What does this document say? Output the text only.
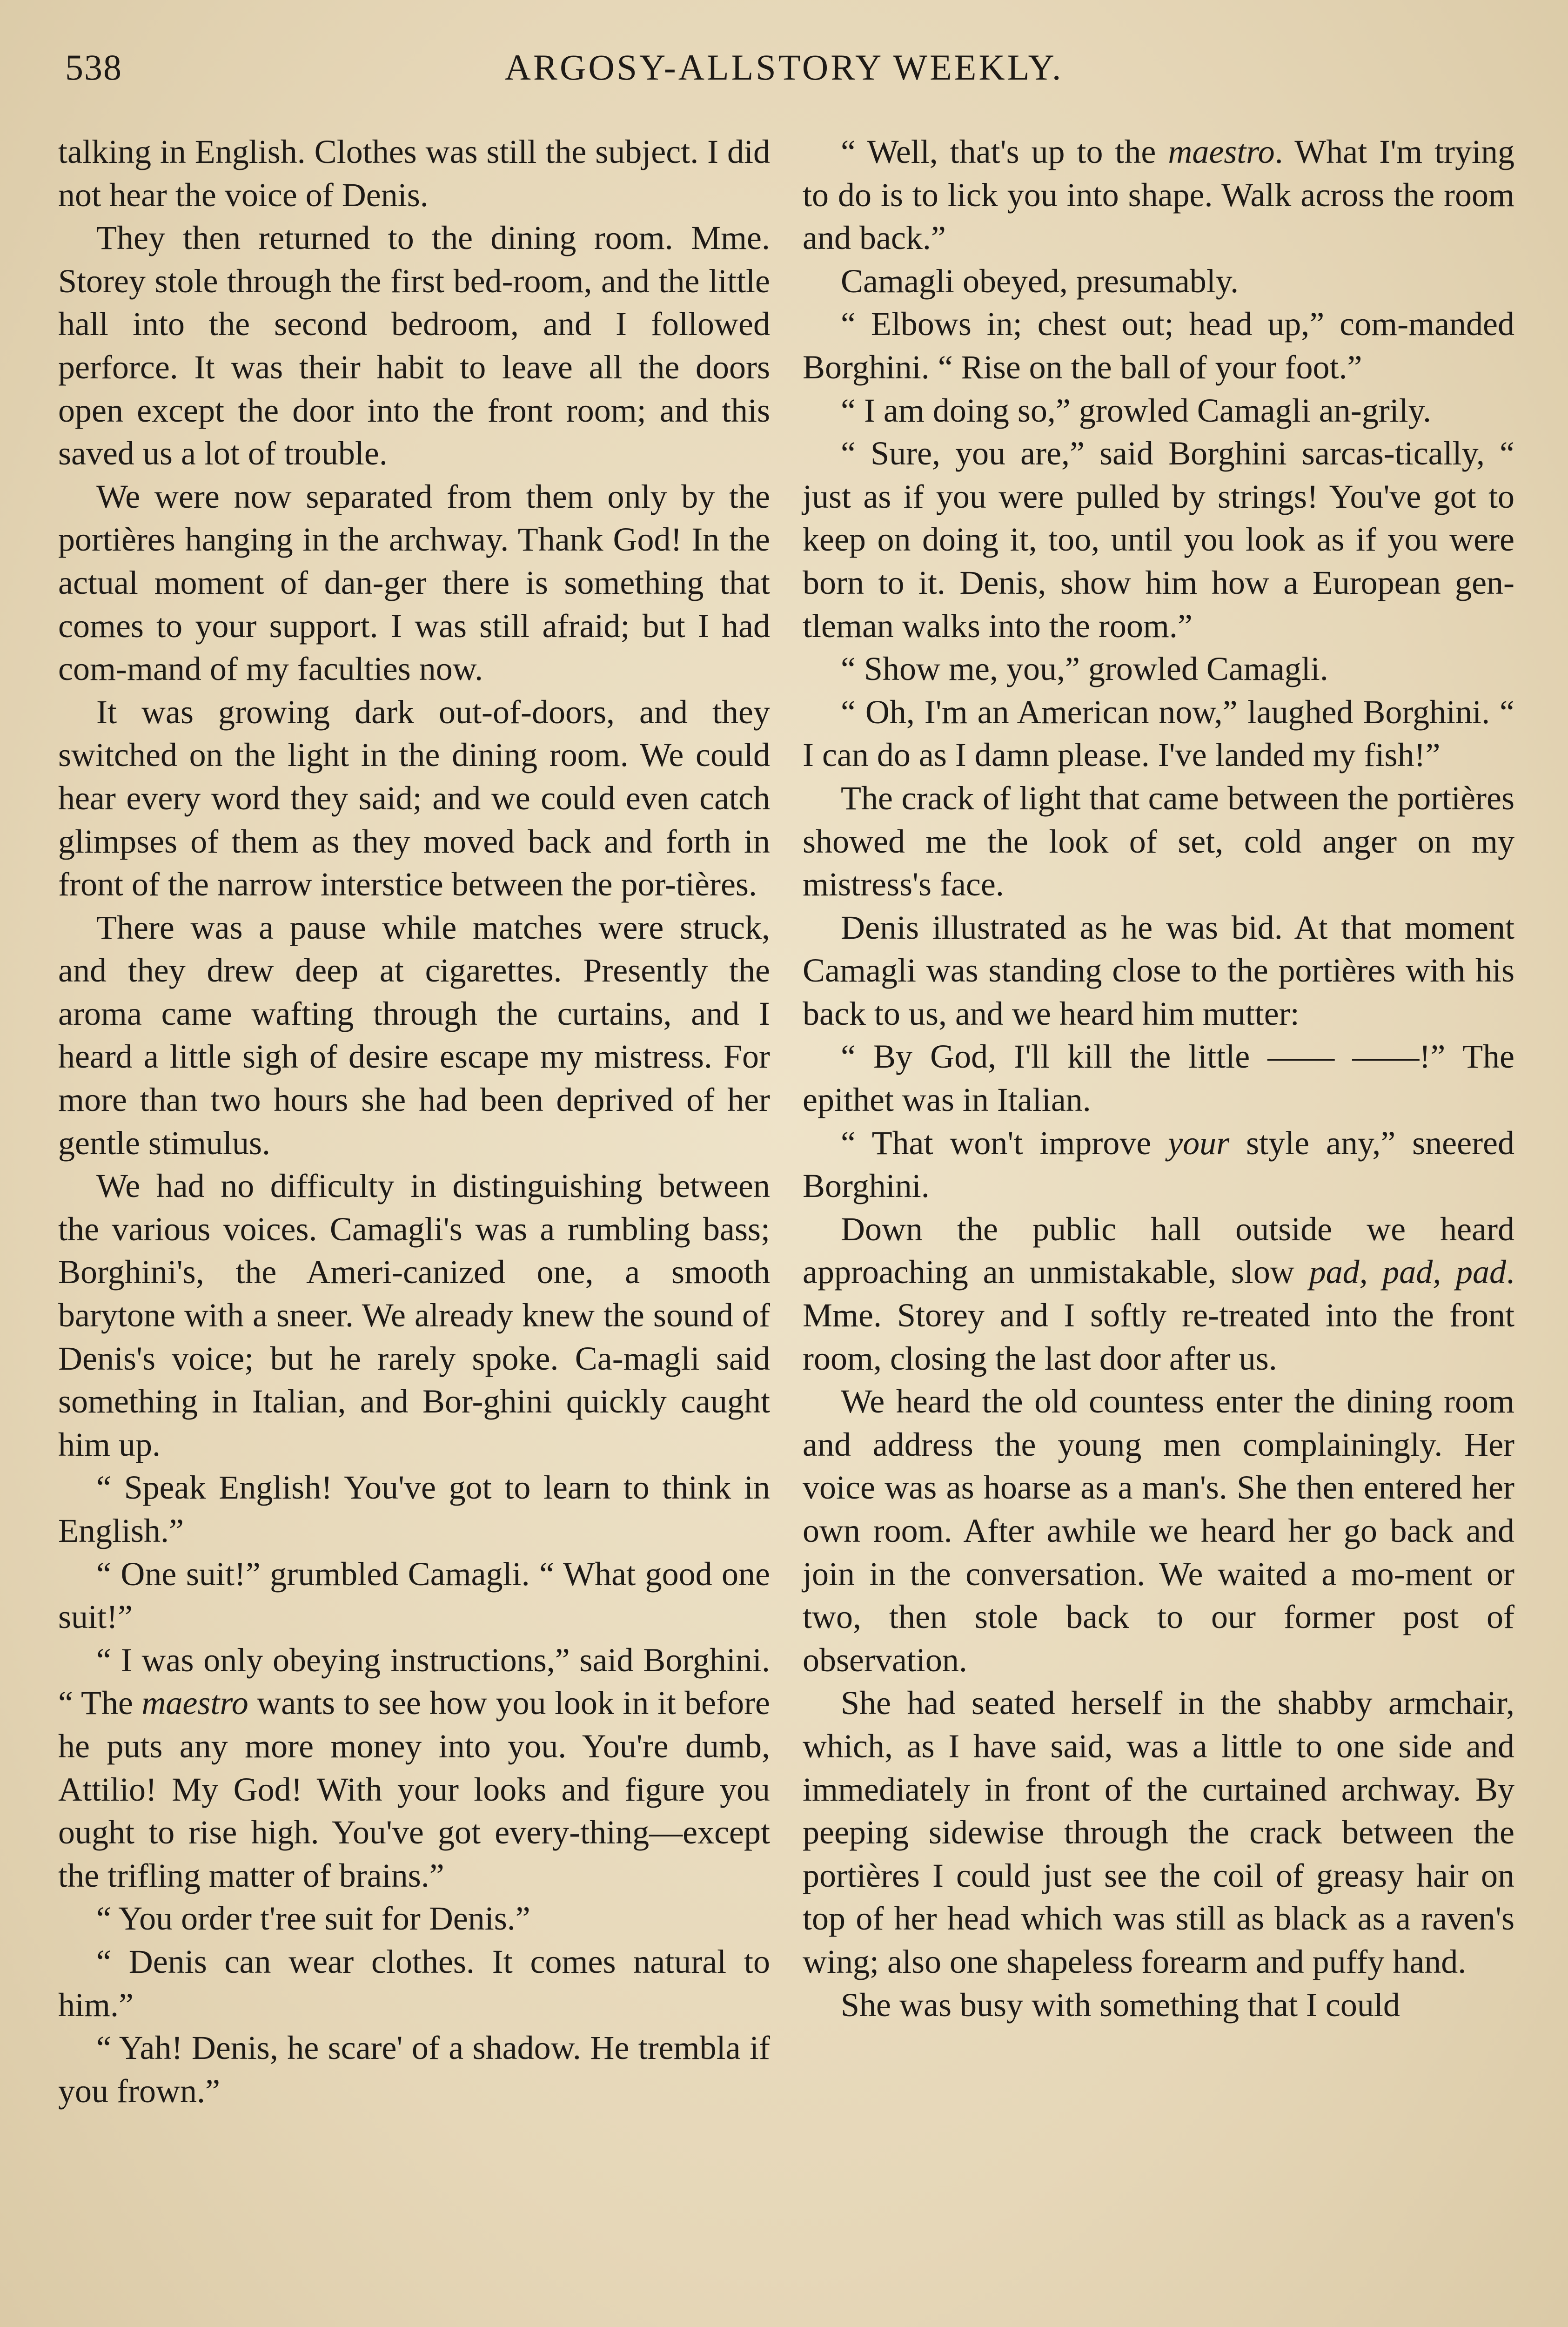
538	ARGOSY-ALLSTORY WEEKLY.

talking in English. Clothes was still the subject. I did not hear the voice of Denis.

They then returned to the dining room. Mme. Storey stole through the first bed-room, and the little hall into the second bedroom, and I followed perforce. It was their habit to leave all the doors open except the door into the front room; and this saved us a lot of trouble.

We were now separated from them only by the portières hanging in the archway. Thank God! In the actual moment of dan-ger there is something that comes to your support. I was still afraid; but I had com-mand of my faculties now.

It was growing dark out-of-doors, and they switched on the light in the dining room. We could hear every word they said; and we could even catch glimpses of them as they moved back and forth in front of the narrow interstice between the por-tières.

There was a pause while matches were struck, and they drew deep at cigarettes. Presently the aroma came wafting through the curtains, and I heard a little sigh of desire escape my mistress. For more than two hours she had been deprived of her gentle stimulus.

We had no difficulty in distinguishing between the various voices. Camagli's was a rumbling bass; Borghini's, the Ameri-canized one, a smooth barytone with a sneer. We already knew the sound of Denis's voice; but he rarely spoke. Ca-magli said something in Italian, and Bor-ghini quickly caught him up.

“ Speak English! You've got to learn to think in English.”

“ One suit!” grumbled Camagli. “ What good one suit!”

“ I was only obeying instructions,” said Borghini. “ The maestro wants to see how you look in it before he puts any more money into you. You're dumb, Attilio! My God! With your looks and figure you ought to rise high. You've got every-thing—except the trifling matter of brains.”

“ You order t'ree suit for Denis.”

“ Denis can wear clothes. It comes natural to him.”

“ Yah! Denis, he scare' of a shadow. He trembla if you frown.”

“ Well, that's up to the maestro. What I'm trying to do is to lick you into shape. Walk across the room and back.”

Camagli obeyed, presumably.

“ Elbows in; chest out; head up,” com-manded Borghini. “ Rise on the ball of your foot.”

“ I am doing so,” growled Camagli an-grily.

“ Sure, you are,” said Borghini sarcas-tically, “ just as if you were pulled by strings! You've got to keep on doing it, too, until you look as if you were born to it. Denis, show him how a European gen-tleman walks into the room.”

“ Show me, you,” growled Camagli.

“ Oh, I'm an American now,” laughed Borghini. “ I can do as I damn please. I've landed my fish!”

The crack of light that came between the portières showed me the look of set, cold anger on my mistress's face.

Denis illustrated as he was bid. At that moment Camagli was standing close to the portières with his back to us, and we heard him mutter:

“ By God, I'll kill the little —— ——!” The epithet was in Italian.

“ That won't improve your style any,” sneered Borghini.

Down the public hall outside we heard approaching an unmistakable, slow pad, pad, pad. Mme. Storey and I softly re-treated into the front room, closing the last door after us.

We heard the old countess enter the dining room and address the young men complainingly. Her voice was as hoarse as a man's. She then entered her own room. After awhile we heard her go back and join in the conversation. We waited a mo-ment or two, then stole back to our former post of observation.

She had seated herself in the shabby armchair, which, as I have said, was a little to one side and immediately in front of the curtained archway. By peeping sidewise through the crack between the portières I could just see the coil of greasy hair on top of her head which was still as black as a raven's wing; also one shapeless forearm and puffy hand.

She was busy with something that I could
